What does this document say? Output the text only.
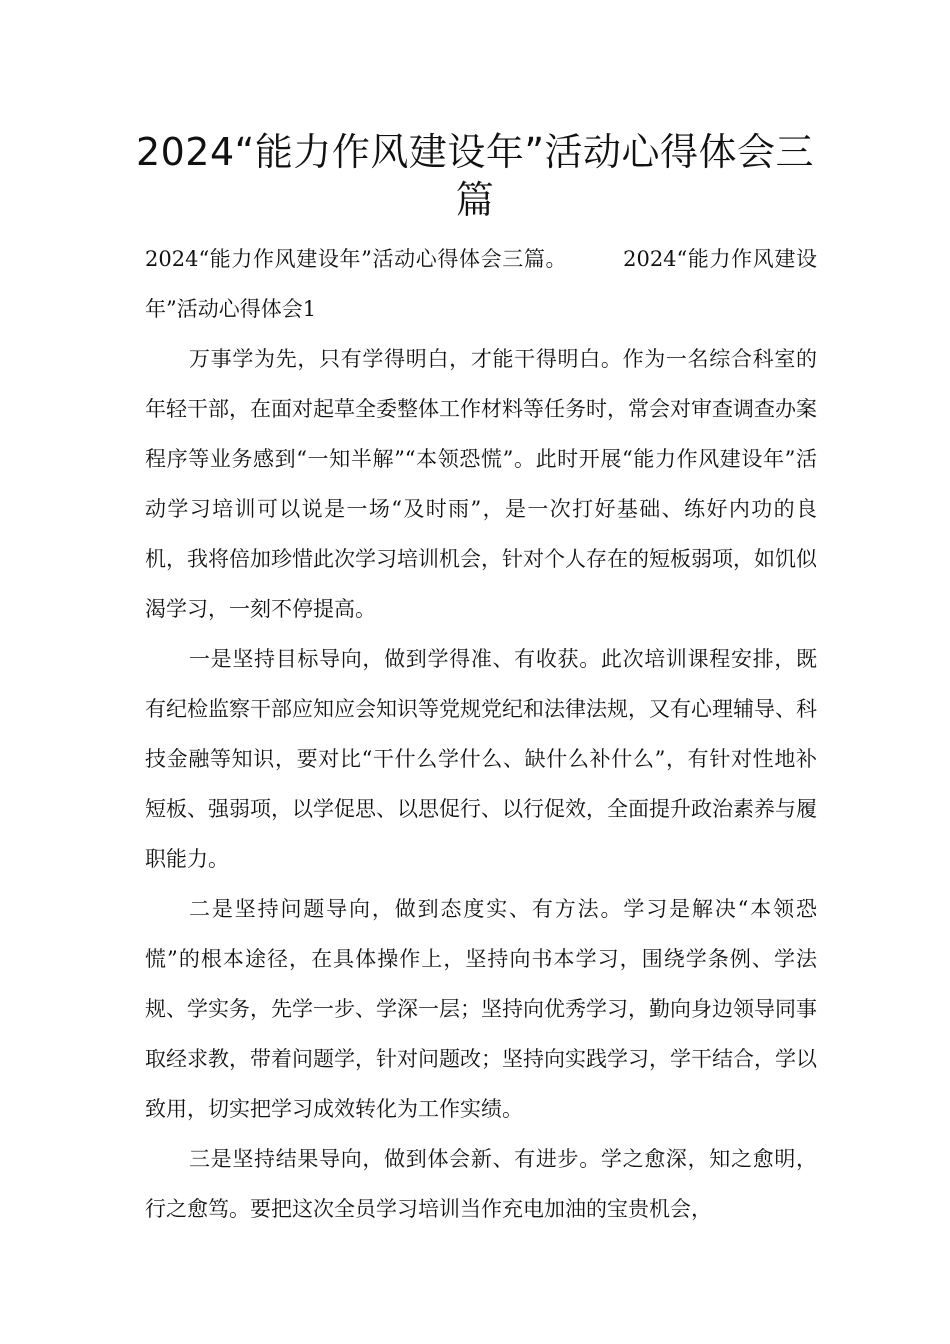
2024“能力作风建设年”活动心得体会三篇

2024“能力作风建设年”活动心得体会三篇。	2024“能力作风建设年”活动心得体会1

万事学为先，只有学得明白，才能干得明白。作为一名综合科室的年轻干部，在面对起草全委整体工作材料等任务时，常会对审查调查办案程序等业务感到“一知半解”“本领恐慌”。此时开展“能力作风建设年”活动学习培训可以说是一场“及时雨”，是一次打好基础、练好内功的良机，我将倍加珍惜此次学习培训机会，针对个人存在的短板弱项，如饥似渴学习，一刻不停提高。

一是坚持目标导向，做到学得准、有收获。此次培训课程安排，既有纪检监察干部应知应会知识等党规党纪和法律法规，又有心理辅导、科技金融等知识，要对比“干什么学什么、缺什么补什么”，有针对性地补短板、强弱项，以学促思、以思促行、以行促效，全面提升政治素养与履职能力。

二是坚持问题导向，做到态度实、有方法。学习是解决“本领恐慌”的根本途径，在具体操作上，坚持向书本学习，围绕学条例、学法规、学实务，先学一步、学深一层；坚持向优秀学习，勤向身边领导同事取经求教，带着问题学，针对问题改；坚持向实践学习，学干结合，学以致用，切实把学习成效转化为工作实绩。

三是坚持结果导向，做到体会新、有进步。学之愈深，知之愈明，行之愈笃。要把这次全员学习培训当作充电加油的宝贵机会，
